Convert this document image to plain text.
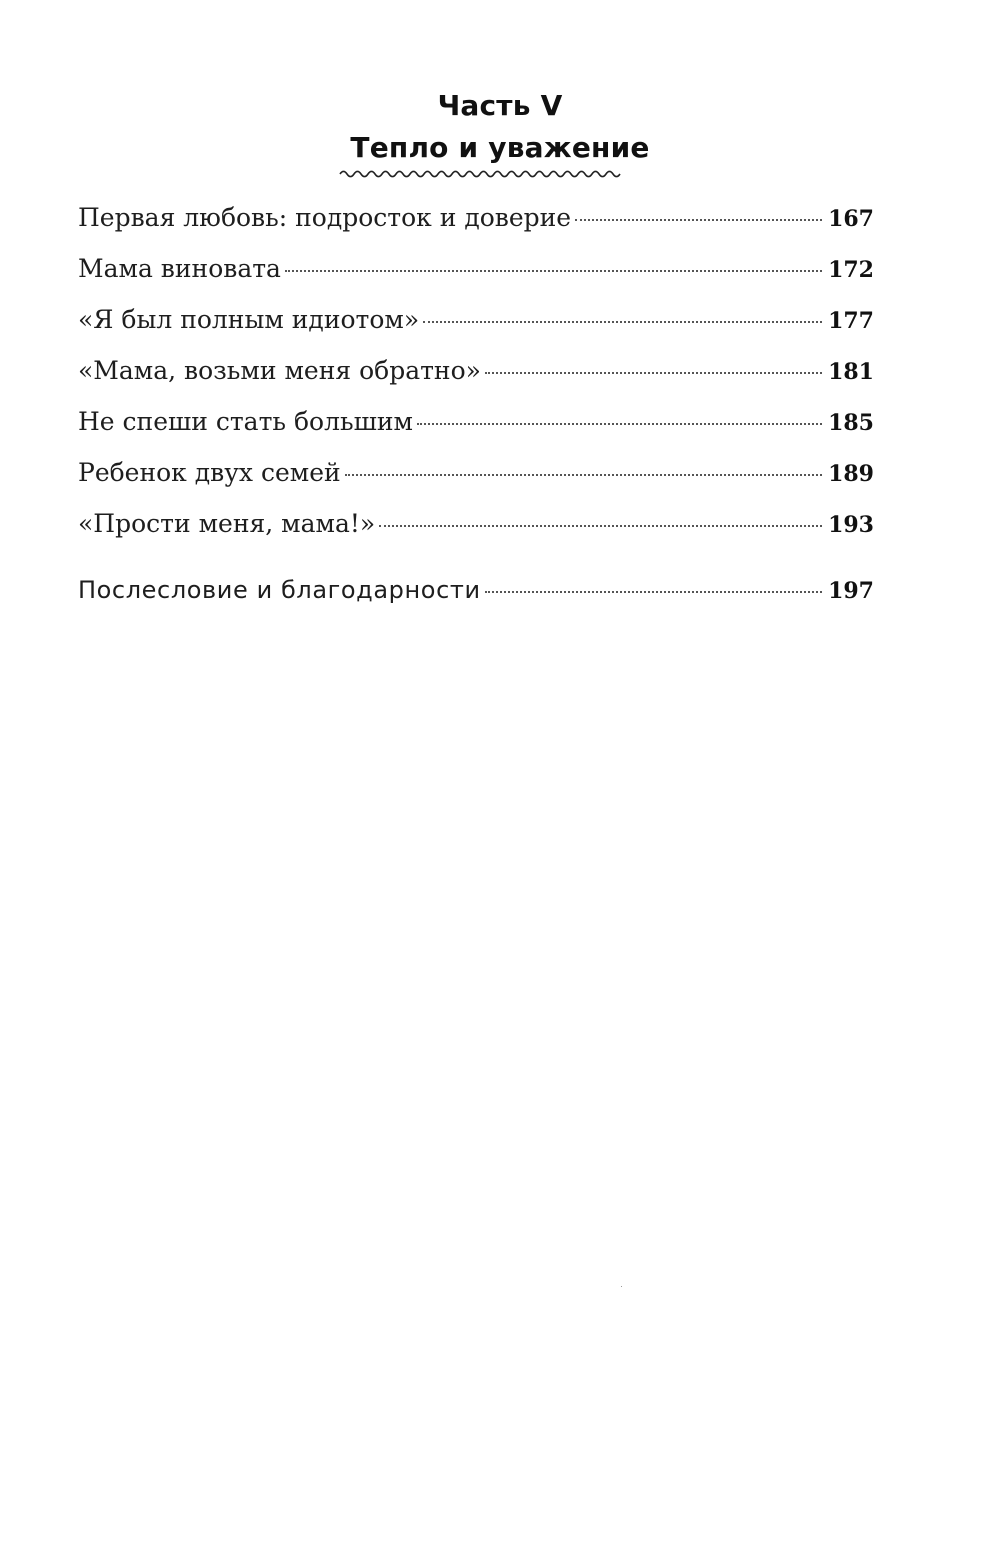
Часть V
Тепло и уважение
Первая любовь: подросток и доверие	167
Мама виновата	172
«Я был полным идиотом»	177
«Мама, возьми меня обратно»	181
Не спеши стать большим	185
Ребенок двух семей	189
«Прости меня, мама!»	193
Послесловие и благодарности	197
